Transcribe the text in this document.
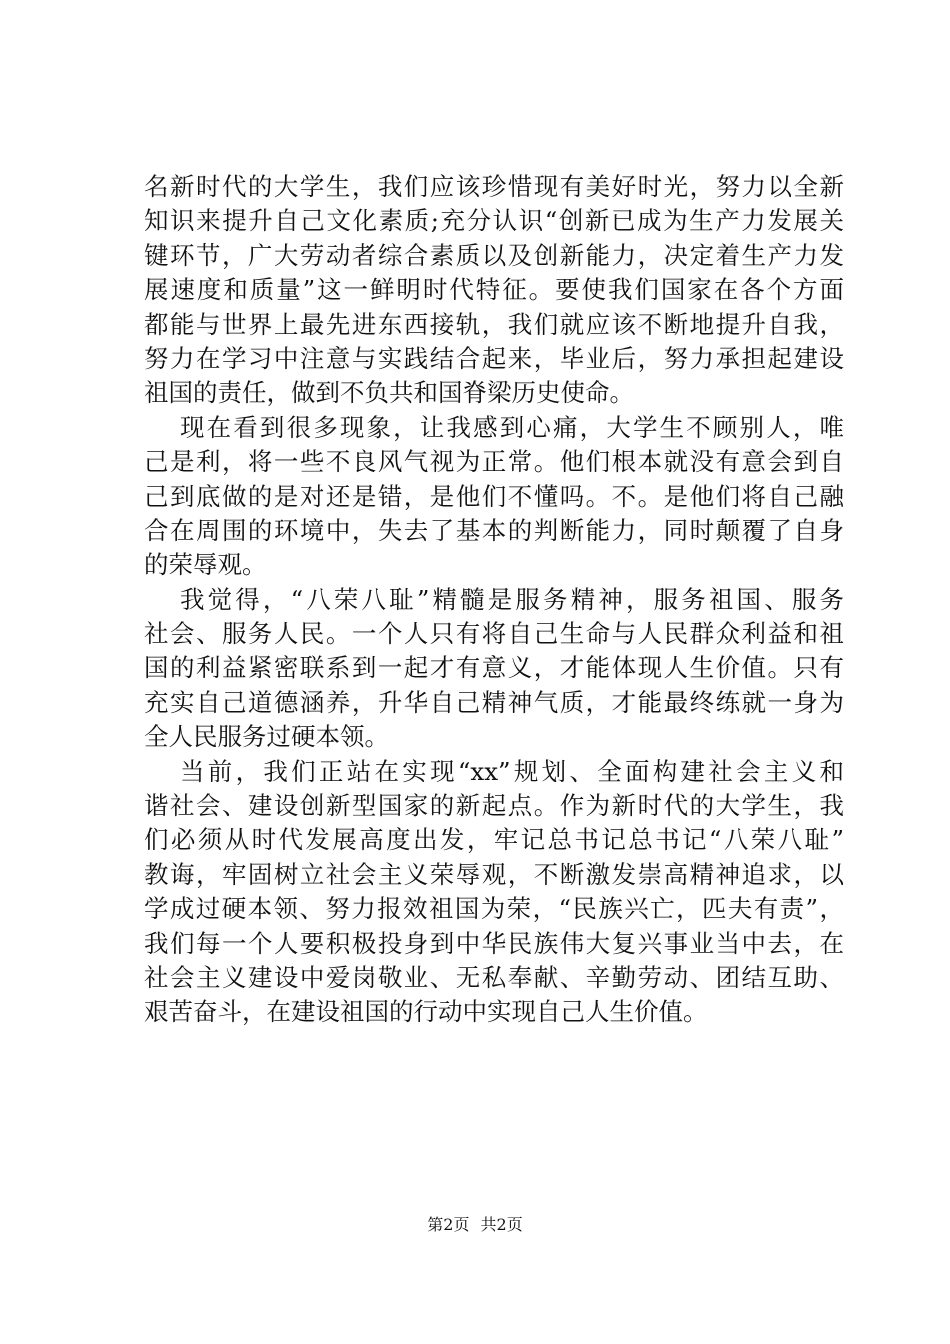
名新时代的大学生，我们应该珍惜现有美好时光，努力以全新
知识来提升自己文化素质;充分认识“创新已成为生产力发展关
键环节，广大劳动者综合素质以及创新能力，决定着生产力发
展速度和质量”这一鲜明时代特征。要使我们国家在各个方面
都能与世界上最先进东西接轨，我们就应该不断地提升自我，
努力在学习中注意与实践结合起来，毕业后，努力承担起建设
祖国的责任，做到不负共和国脊梁历史使命。
现在看到很多现象，让我感到心痛，大学生不顾别人，唯
己是利，将一些不良风气视为正常。他们根本就没有意会到自
己到底做的是对还是错，是他们不懂吗。不。是他们将自己融
合在周围的环境中，失去了基本的判断能力，同时颠覆了自身
的荣辱观。
我觉得，“八荣八耻”精髓是服务精神，服务祖国、服务
社会、服务人民。一个人只有将自己生命与人民群众利益和祖
国的利益紧密联系到一起才有意义，才能体现人生价值。只有
充实自己道德涵养，升华自己精神气质，才能最终练就一身为
全人民服务过硬本领。
当前，我们正站在实现“xx”规划、全面构建社会主义和
谐社会、建设创新型国家的新起点。作为新时代的大学生，我
们必须从时代发展高度出发，牢记总书记总书记“八荣八耻”
教诲，牢固树立社会主义荣辱观，不断激发崇高精神追求，以
学成过硬本领、努力报效祖国为荣，“民族兴亡，匹夫有责”，
我们每一个人要积极投身到中华民族伟大复兴事业当中去，在
社会主义建设中爱岗敬业、无私奉献、辛勤劳动、团结互助、
艰苦奋斗，在建设祖国的行动中实现自己人生价值。
第2页 共2页
